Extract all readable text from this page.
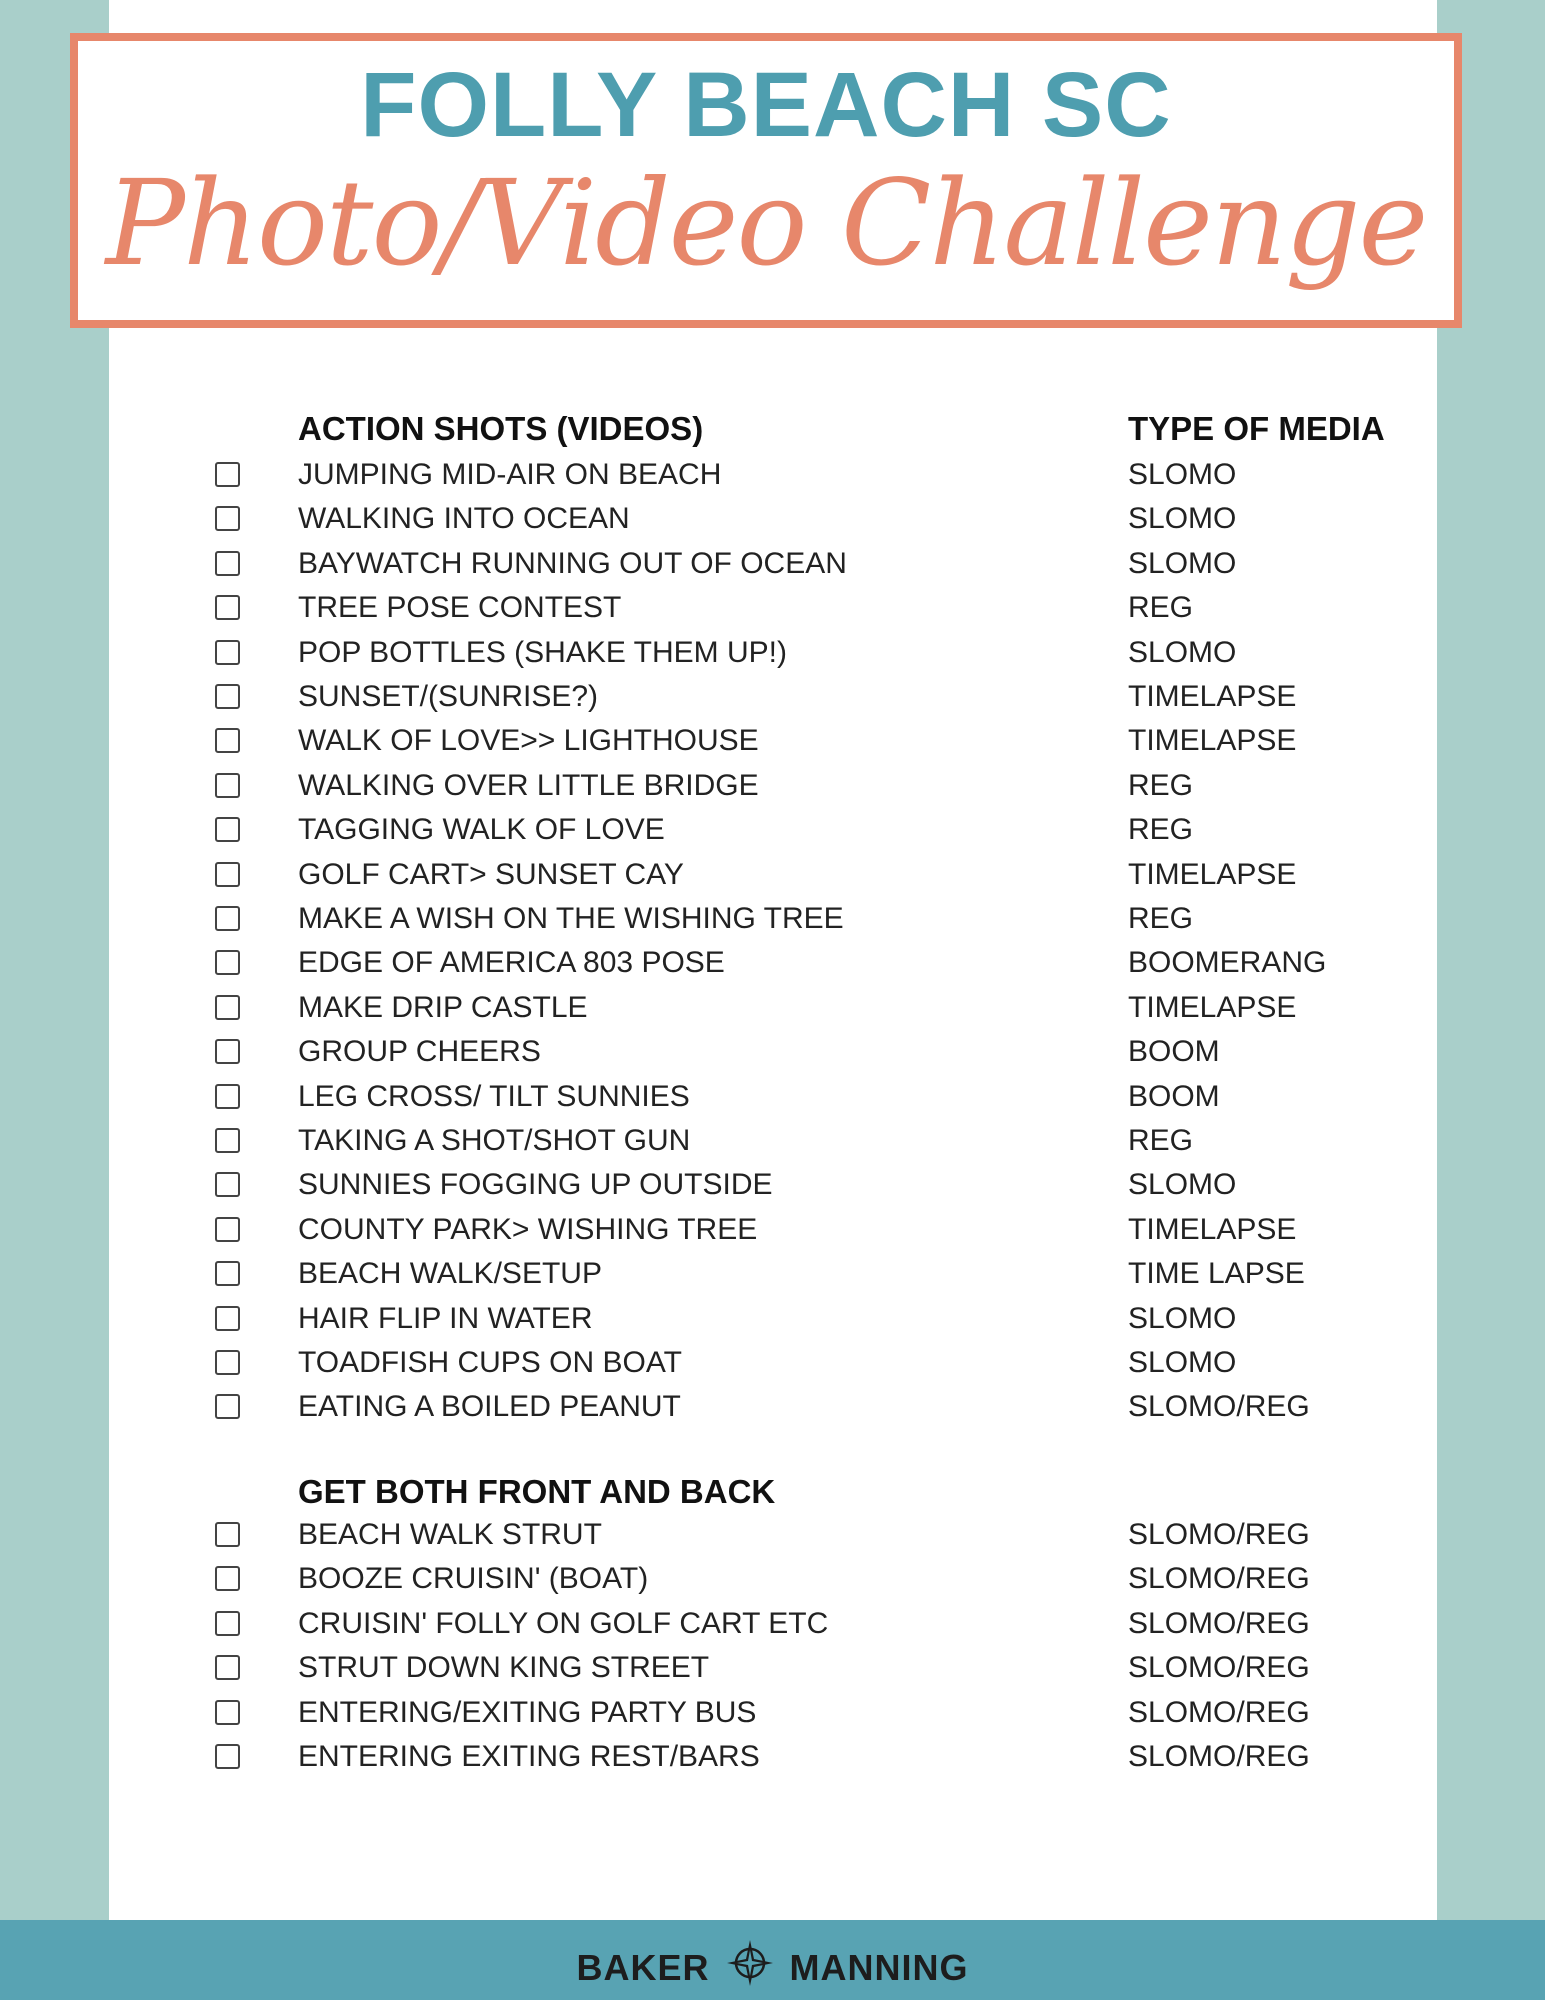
FOLLY BEACH SC
Photo/Video Challenge
ACTION SHOTS (VIDEOS)	TYPE OF MEDIA
JUMPING MID-AIR ON BEACH	SLOMO
WALKING INTO OCEAN	SLOMO
BAYWATCH RUNNING OUT OF OCEAN	SLOMO
TREE POSE CONTEST	REG
POP BOTTLES (SHAKE THEM UP!)	SLOMO
SUNSET/(SUNRISE?)	TIMELAPSE
WALK OF LOVE>> LIGHTHOUSE	TIMELAPSE
WALKING OVER LITTLE BRIDGE	REG
TAGGING WALK OF LOVE	REG
GOLF CART> SUNSET CAY	TIMELAPSE
MAKE A WISH ON THE WISHING TREE	REG
EDGE OF AMERICA 803 POSE	BOOMERANG
MAKE DRIP CASTLE	TIMELAPSE
GROUP CHEERS	BOOM
LEG CROSS/ TILT SUNNIES	BOOM
TAKING A SHOT/SHOT GUN	REG
SUNNIES FOGGING UP OUTSIDE	SLOMO
COUNTY PARK> WISHING TREE	TIMELAPSE
BEACH WALK/SETUP	TIME LAPSE
HAIR FLIP IN WATER	SLOMO
TOADFISH CUPS ON BOAT	SLOMO
EATING A BOILED PEANUT	SLOMO/REG
GET BOTH FRONT AND BACK
BEACH WALK STRUT	SLOMO/REG
BOOZE CRUISIN' (BOAT)	SLOMO/REG
CRUISIN' FOLLY ON GOLF CART ETC	SLOMO/REG
STRUT DOWN KING STREET	SLOMO/REG
ENTERING/EXITING PARTY BUS	SLOMO/REG
ENTERING EXITING REST/BARS	SLOMO/REG
BAKER MANNING
